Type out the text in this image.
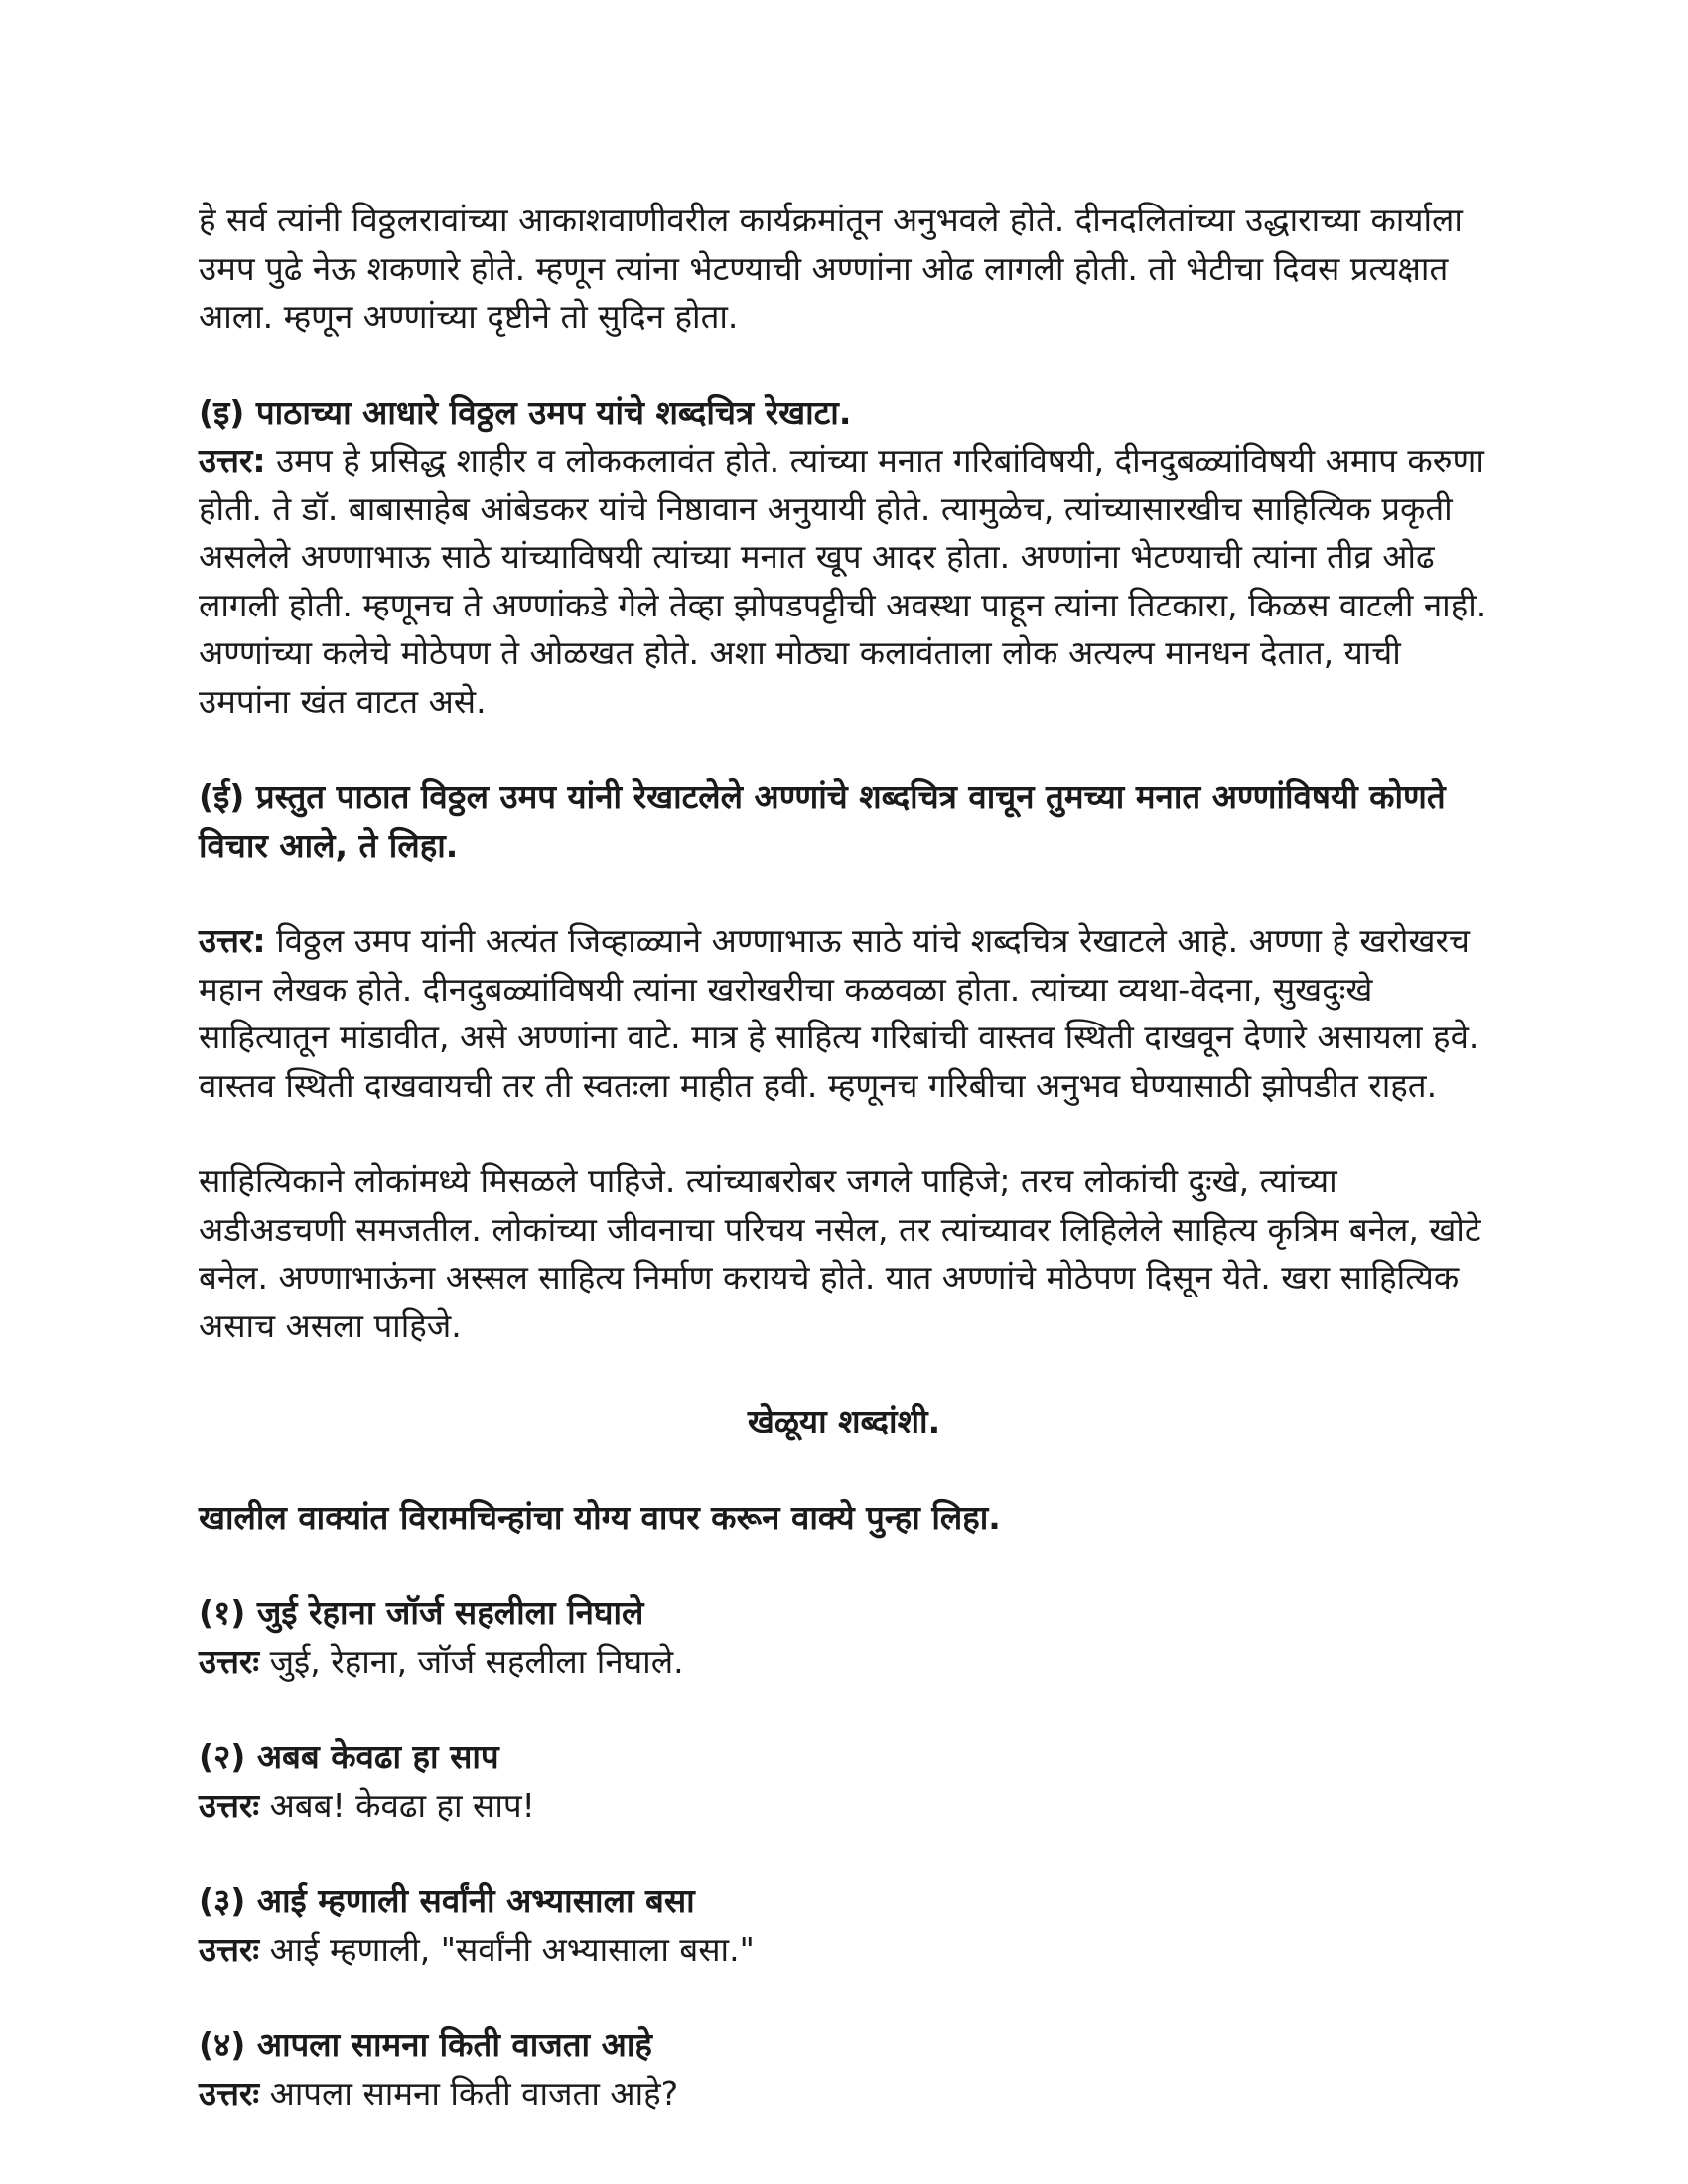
हे सर्व त्यांनी विठ्ठलरावांच्या आकाशवाणीवरील कार्यक्रमांतून अनुभवले होते. दीनदलितांच्या उद्धाराच्या कार्याला उमप पुढे नेऊ शकणारे होते. म्हणून त्यांना भेटण्याची अण्णांना ओढ लागली होती. तो भेटीचा दिवस प्रत्यक्षात आला. म्हणून अण्णांच्या दृष्टीने तो सुदिन होता.

(इ) पाठाच्या आधारे विठ्ठल उमप यांचे शब्दचित्र रेखाटा.

उत्तर: उमप हे प्रसिद्ध शाहीर व लोककलावंत होते. त्यांच्या मनात गरिबांविषयी, दीनदुबळ्यांविषयी अमाप करुणा होती. ते डॉ. बाबासाहेब आंबेडकर यांचे निष्ठावान अनुयायी होते. त्यामुळेच, त्यांच्यासारखीच साहित्यिक प्रकृती असलेले अण्णाभाऊ साठे यांच्याविषयी त्यांच्या मनात खूप आदर होता. अण्णांना भेटण्याची त्यांना तीव्र ओढ लागली होती. म्हणूनच ते अण्णांकडे गेले तेव्हा झोपडपट्टीची अवस्था पाहून त्यांना तिटकारा, किळस वाटली नाही. अण्णांच्या कलेचे मोठेपण ते ओळखत होते. अशा मोठ्या कलावंताला लोक अत्यल्प मानधन देतात, याची उमपांना खंत वाटत असे.

(ई) प्रस्तुत पाठात विठ्ठल उमप यांनी रेखाटलेले अण्णांचे शब्दचित्र वाचून तुमच्या मनात अण्णांविषयी कोणते विचार आले, ते लिहा.

उत्तर: विठ्ठल उमप यांनी अत्यंत जिव्हाळ्याने अण्णाभाऊ साठे यांचे शब्दचित्र रेखाटले आहे. अण्णा हे खरोखरच महान लेखक होते. दीनदुबळ्यांविषयी त्यांना खरोखरीचा कळवळा होता. त्यांच्या व्यथा-वेदना, सुखदुःखे साहित्यातून मांडावीत, असे अण्णांना वाटे. मात्र हे साहित्य गरिबांची वास्तव स्थिती दाखवून देणारे असायला हवे. वास्तव स्थिती दाखवायची तर ती स्वतःला माहीत हवी. म्हणूनच गरिबीचा अनुभव घेण्यासाठी झोपडीत राहत.

साहित्यिकाने लोकांमध्ये मिसळले पाहिजे. त्यांच्याबरोबर जगले पाहिजे; तरच लोकांची दुःखे, त्यांच्या अडीअडचणी समजतील. लोकांच्या जीवनाचा परिचय नसेल, तर त्यांच्यावर लिहिलेले साहित्य कृत्रिम बनेल, खोटे बनेल. अण्णाभाऊंना अस्सल साहित्य निर्माण करायचे होते. यात अण्णांचे मोठेपण दिसून येते. खरा साहित्यिक असाच असला पाहिजे.

खेळूया शब्दांशी.

खालील वाक्यांत विरामचिन्हांचा योग्य वापर करून वाक्ये पुन्हा लिहा.

(१) जुई रेहाना जॉर्ज सहलीला निघाले

उत्तरः जुई, रेहाना, जॉर्ज सहलीला निघाले.

(२) अबब केवढा हा साप

उत्तरः अबब! केवढा हा साप!

(३) आई म्हणाली सर्वांनी अभ्यासाला बसा

उत्तरः आई म्हणाली, "सर्वांनी अभ्यासाला बसा."

(४) आपला सामना किती वाजता आहे

उत्तरः आपला सामना किती वाजता आहे?
